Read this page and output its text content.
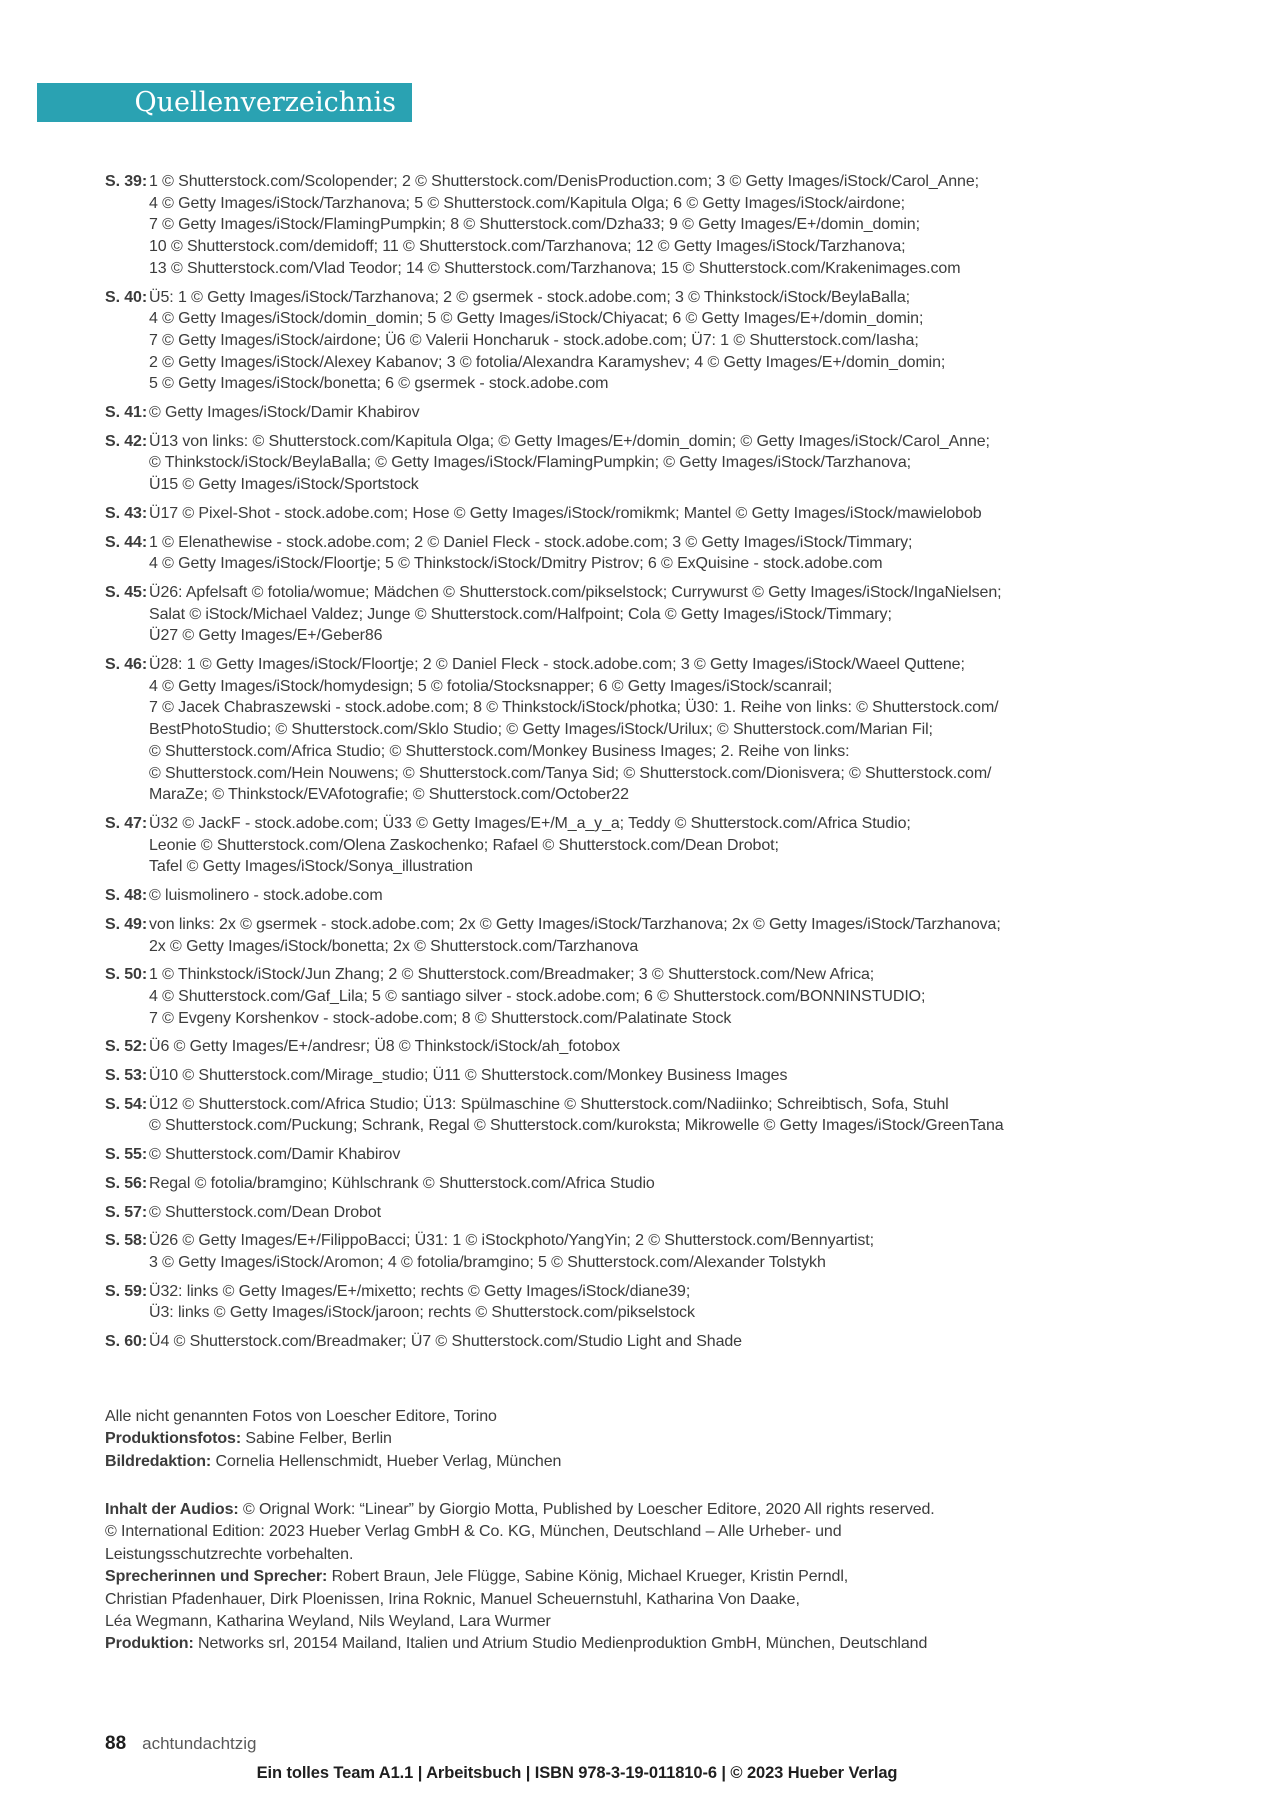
Quellenverzeichnis
S. 39: 1 © Shutterstock.com/Scolopender; 2 © Shutterstock.com/DenisProduction.com; 3 © Getty Images/iStock/Carol_Anne;
4 © Getty Images/iStock/Tarzhanova; 5 © Shutterstock.com/Kapitula Olga; 6 © Getty Images/iStock/airdone;
7 © Getty Images/iStock/FlamingPumpkin; 8 © Shutterstock.com/Dzha33; 9 © Getty Images/E+/domin_domin;
10 © Shutterstock.com/demidoff; 11 © Shutterstock.com/Tarzhanova; 12 © Getty Images/iStock/Tarzhanova;
13 © Shutterstock.com/Vlad Teodor; 14 © Shutterstock.com/Tarzhanova; 15 © Shutterstock.com/Krakenimages.com
S. 40: Ü5: 1 © Getty Images/iStock/Tarzhanova; 2 © gsermek - stock.adobe.com; 3 © Thinkstock/iStock/BeylaBalla;
4 © Getty Images/iStock/domin_domin; 5 © Getty Images/iStock/Chiyacat; 6 © Getty Images/E+/domin_domin;
7 © Getty Images/iStock/airdone; Ü6 © Valerii Honcharuk - stock.adobe.com; Ü7: 1 © Shutterstock.com/Iasha;
2 © Getty Images/iStock/Alexey Kabanov; 3 © fotolia/Alexandra Karamyshev; 4 © Getty Images/E+/domin_domin;
5 © Getty Images/iStock/bonetta; 6 © gsermek - stock.adobe.com
S. 41: © Getty Images/iStock/Damir Khabirov
S. 42: Ü13 von links: © Shutterstock.com/Kapitula Olga; © Getty Images/E+/domin_domin; © Getty Images/iStock/Carol_Anne;
© Thinkstock/iStock/BeylaBalla; © Getty Images/iStock/FlamingPumpkin; © Getty Images/iStock/Tarzhanova;
Ü15 © Getty Images/iStock/Sportstock
S. 43: Ü17 © Pixel-Shot - stock.adobe.com; Hose © Getty Images/iStock/romikmk; Mantel © Getty Images/iStock/mawielobob
S. 44: 1 © Elenathewise - stock.adobe.com; 2 © Daniel Fleck - stock.adobe.com; 3 © Getty Images/iStock/Timmary;
4 © Getty Images/iStock/Floortje; 5 © Thinkstock/iStock/Dmitry Pistrov; 6 © ExQuisine - stock.adobe.com
S. 45: Ü26: Apfelsaft © fotolia/womue; Mädchen © Shutterstock.com/pikselstock; Currywurst © Getty Images/iStock/IngaNielsen;
Salat © iStock/Michael Valdez; Junge © Shutterstock.com/Halfpoint; Cola © Getty Images/iStock/Timmary;
Ü27 © Getty Images/E+/Geber86
S. 46: Ü28: 1 © Getty Images/iStock/Floortje; 2 © Daniel Fleck - stock.adobe.com; 3 © Getty Images/iStock/Waeel Quttene;
4 © Getty Images/iStock/homydesign; 5 © fotolia/Stocksnapper; 6 © Getty Images/iStock/scanrail;
7 © Jacek Chabraszewski - stock.adobe.com; 8 © Thinkstock/iStock/photka; Ü30: 1. Reihe von links: © Shutterstock.com/
BestPhotoStudio; © Shutterstock.com/Sklo Studio; © Getty Images/iStock/Urilux; © Shutterstock.com/Marian Fil;
© Shutterstock.com/Africa Studio; © Shutterstock.com/Monkey Business Images; 2. Reihe von links:
© Shutterstock.com/Hein Nouwens; © Shutterstock.com/Tanya Sid; © Shutterstock.com/Dionisvera; © Shutterstock.com/
MaraZe; © Thinkstock/EVAfotografie; © Shutterstock.com/October22
S. 47: Ü32 © JackF - stock.adobe.com; Ü33 © Getty Images/E+/M_a_y_a; Teddy © Shutterstock.com/Africa Studio;
Leonie © Shutterstock.com/Olena Zaskochenko; Rafael © Shutterstock.com/Dean Drobot;
Tafel © Getty Images/iStock/Sonya_illustration
S. 48: © luismolinero - stock.adobe.com
S. 49: von links: 2x © gsermek - stock.adobe.com; 2x © Getty Images/iStock/Tarzhanova; 2x © Getty Images/iStock/Tarzhanova;
2x © Getty Images/iStock/bonetta; 2x © Shutterstock.com/Tarzhanova
S. 50: 1 © Thinkstock/iStock/Jun Zhang; 2 © Shutterstock.com/Breadmaker; 3 © Shutterstock.com/New Africa;
4 © Shutterstock.com/Gaf_Lila; 5 © santiago silver - stock.adobe.com; 6 © Shutterstock.com/BONNINSTUDIO;
7 © Evgeny Korshenkov - stock-adobe.com; 8 © Shutterstock.com/Palatinate Stock
S. 52: Ü6 © Getty Images/E+/andresr; Ü8 © Thinkstock/iStock/ah_fotobox
S. 53: Ü10 © Shutterstock.com/Mirage_studio; Ü11 © Shutterstock.com/Monkey Business Images
S. 54: Ü12 © Shutterstock.com/Africa Studio; Ü13: Spülmaschine © Shutterstock.com/Nadiinko; Schreibtisch, Sofa, Stuhl
© Shutterstock.com/Puckung; Schrank, Regal © Shutterstock.com/kuroksta; Mikrowelle © Getty Images/iStock/GreenTana
S. 55: © Shutterstock.com/Damir Khabirov
S. 56: Regal © fotolia/bramgino; Kühlschrank © Shutterstock.com/Africa Studio
S. 57: © Shutterstock.com/Dean Drobot
S. 58: Ü26 © Getty Images/E+/FilippoBacci; Ü31: 1 © iStockphoto/YangYin; 2 © Shutterstock.com/Bennyartist;
3 © Getty Images/iStock/Aromon; 4 © fotolia/bramgino; 5 © Shutterstock.com/Alexander Tolstykh
S. 59: Ü32: links © Getty Images/E+/mixetto; rechts © Getty Images/iStock/diane39;
Ü3: links © Getty Images/iStock/jaroon; rechts © Shutterstock.com/pikselstock
S. 60: Ü4 © Shutterstock.com/Breadmaker; Ü7 © Shutterstock.com/Studio Light and Shade
Alle nicht genannten Fotos von Loescher Editore, Torino
Produktionsfotos: Sabine Felber, Berlin
Bildredaktion: Cornelia Hellenschmidt, Hueber Verlag, München
Inhalt der Audios: © Orignal Work: “Linear” by Giorgio Motta, Published by Loescher Editore, 2020 All rights reserved.
© International Edition: 2023 Hueber Verlag GmbH & Co. KG, München, Deutschland – Alle Urheber- und
Leistungsschutzrechte vorbehalten.
Sprecherinnen und Sprecher: Robert Braun, Jele Flügge, Sabine König, Michael Krueger, Kristin Perndl,
Christian Pfadenhauer, Dirk Ploenissen, Irina Roknic, Manuel Scheuernstuhl, Katharina Von Daake,
Léa Wegmann, Katharina Weyland, Nils Weyland, Lara Wurmer
Produktion: Networks srl, 20154 Mailand, Italien und Atrium Studio Medienproduktion GmbH, München, Deutschland
88 achtundachtzig
Ein tolles Team A1.1 | Arbeitsbuch | ISBN 978-3-19-011810-6 | © 2023 Hueber Verlag
